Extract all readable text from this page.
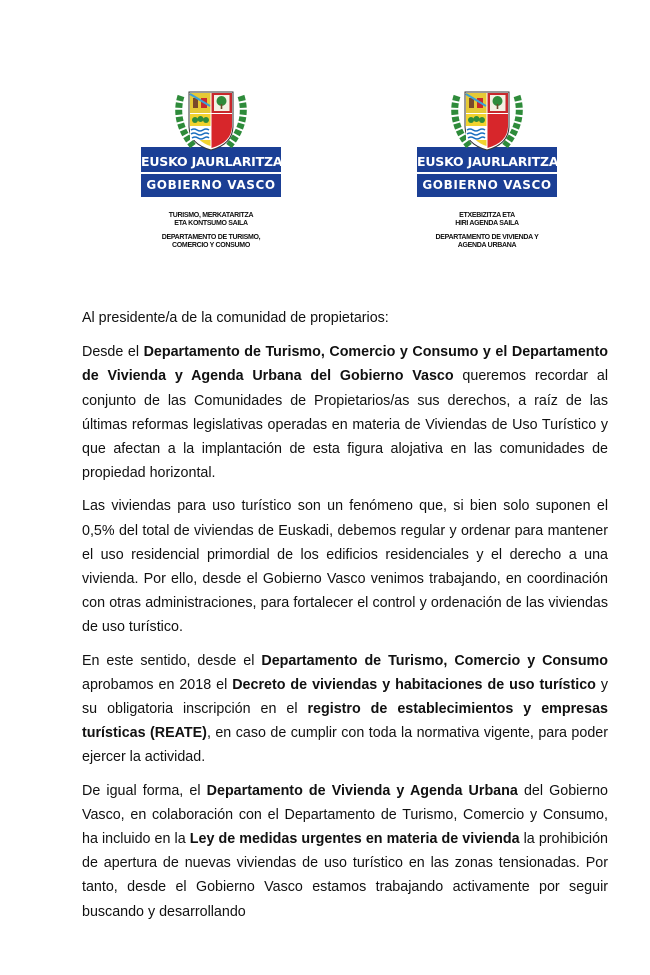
EUSKO JAURLARITZA
GOBIERNO VASCO
TURISMO, MERKATARITZA
ETA KONTSUMO SAILA
DEPARTAMENTO DE TURISMO,
COMERCIO Y CONSUMO
EUSKO JAURLARITZA
GOBIERNO VASCO
ETXEBIZITZA ETA
HIRI AGENDA SAILA
DEPARTAMENTO DE VIVIENDA Y
AGENDA URBANA

Al presidente/a de la comunidad de propietarios:

Desde el Departamento de Turismo, Comercio y Consumo y el Departamento de Vivienda y Agenda Urbana del Gobierno Vasco queremos recordar al conjunto de las Comunidades de Propietarios/as sus derechos, a raíz de las últimas reformas legislativas operadas en materia de Viviendas de Uso Turístico y que afectan a la implantación de esta figura alojativa en las comunidades de propiedad horizontal.

Las viviendas para uso turístico son un fenómeno que, si bien solo suponen el 0,5% del total de viviendas de Euskadi, debemos regular y ordenar para mantener el uso residencial primordial de los edificios residenciales y el derecho a una vivienda. Por ello, desde el Gobierno Vasco venimos trabajando, en coordinación con otras administraciones, para fortalecer el control y ordenación de las viviendas de uso turístico.

En este sentido, desde el Departamento de Turismo, Comercio y Consumo aprobamos en 2018 el Decreto de viviendas y habitaciones de uso turístico y su obligatoria inscripción en el registro de establecimientos y empresas turísticas (REATE), en caso de cumplir con toda la normativa vigente, para poder ejercer la actividad.

De igual forma, el Departamento de Vivienda y Agenda Urbana del Gobierno Vasco, en colaboración con el Departamento de Turismo, Comercio y Consumo, ha incluido en la Ley de medidas urgentes en materia de vivienda la prohibición de apertura de nuevas viviendas de uso turístico en las zonas tensionadas. Por tanto, desde el Gobierno Vasco estamos trabajando activamente por seguir buscando y desarrollando
